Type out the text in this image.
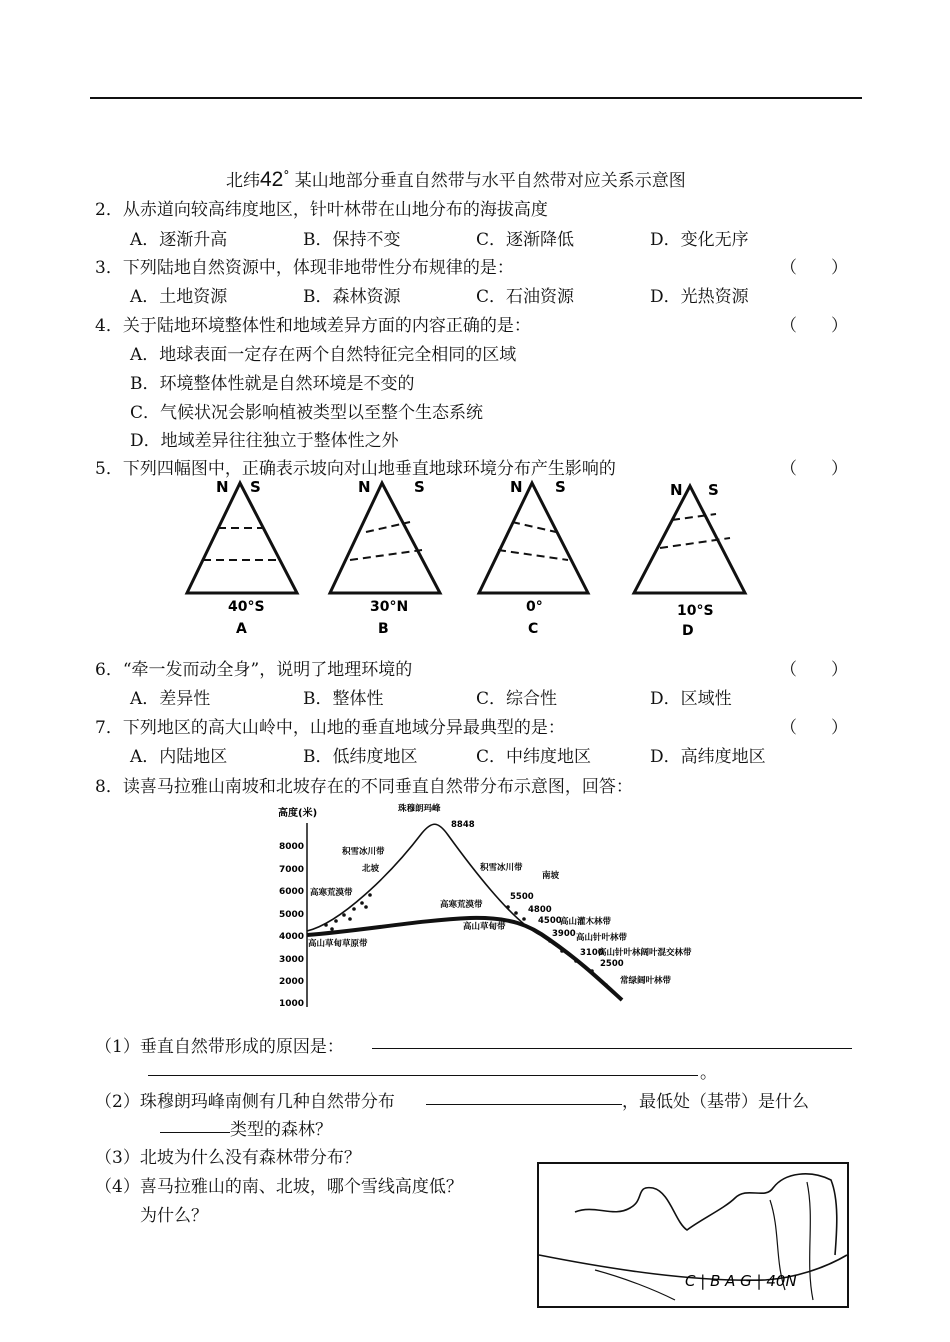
北纬42° 某山地部分垂直自然带与水平自然带对应关系示意图
2．从赤道向较高纬度地区，针叶林带在山地分布的海拔高度
A．逐渐升高	B．保持不变	C．逐渐降低	D．变化无序
3．下列陆地自然资源中，体现非地带性分布规律的是：	（　　）
A．土地资源	B．森林资源	C．石油资源	D．光热资源
4．关于陆地环境整体性和地域差异方面的内容正确的是：	（　　）
A．地球表面一定存在两个自然特征完全相同的区域
B．环境整体性就是自然环境是不变的
C．气候状况会影响植被类型以至整个生态系统
D．地域差异往往独立于整体性之外
5．下列四幅图中，正确表示坡向对山地垂直地球环境分布产生影响的	（　　）
N S
40°S
A
N	S
30°N
B
N S
0°
C
N S
10°S
D
6．“牵一发而动全身”，说明了地理环境的	（　　）
A．差异性	B．整体性	C．综合性	D．区域性
7．下列地区的高大山岭中，山地的垂直地域分异最典型的是：	（　　）
A．内陆地区	B．低纬度地区	C．中纬度地区	D．高纬度地区
8．读喜马拉雅山南坡和北坡存在的不同垂直自然带分布示意图，回答：
高度(米)
8000
7000
6000
5000
4000
3000
2000
1000
珠穆朗玛峰
8848
积雪冰川带
北坡
高寒荒漠带
高山草甸草原带
积雪冰川带
南坡
高寒荒漠带
高山草甸带
5500
4800
4500
高山灌木林带
3900 高山针叶林带
3100
高山针叶林阔叶混交林带
2500
常绿阔叶林带
（1）垂直自然带形成的原因是：
。
（2）珠穆朗玛峰南侧有几种自然带分布	，最低处（基带）是什么
类型的森林？
（3）北坡为什么没有森林带分布？
（4）喜马拉雅山的南、北坡，哪个雪线高度低？
为什么？
C | B A G | 40N
